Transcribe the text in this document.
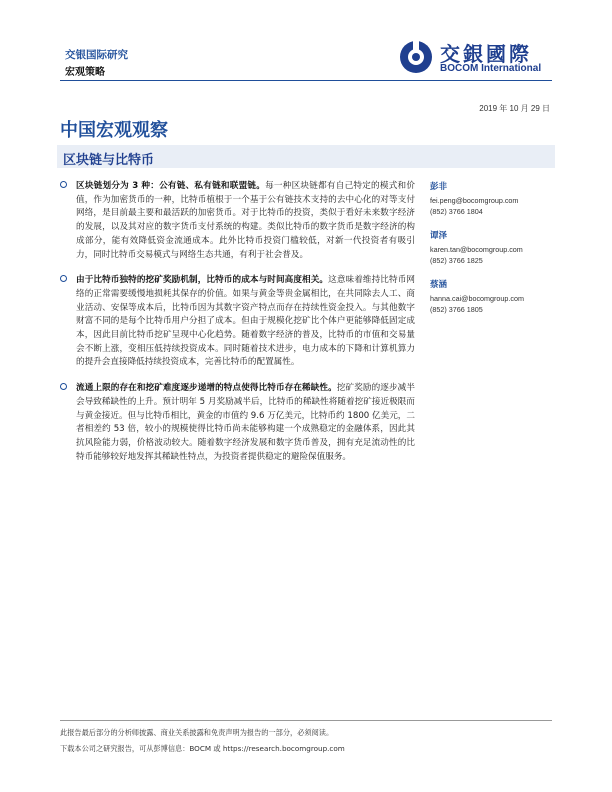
交银国际研究
宏观策略
交銀國際
BOCOM International
2019 年 10 月 29 日
中国宏观观察
区块链与比特币
区块链划分为 3 种：公有链、私有链和联盟链。每一种区块链都有自己特定的模式和价值，作为加密货币的一种，比特币植根于一个基于公有链技术支持的去中心化的对等支付网络，是目前最主要和最活跃的加密货币。对于比特币的投资，类似于看好未来数字经济的发展，以及其对应的数字货币支付系统的构建。类似比特币的数字货币是数字经济的构成部分，能有效降低资金流通成本。此外比特币投资门槛较低，对新一代投资者有吸引力，同时比特币交易模式与网络生态共通，有利于社会普及。
由于比特币独特的挖矿奖励机制，比特币的成本与时间高度相关。这意味着维持比特币网络的正常需要缓慢地损耗其保存的价值。如果与黄金等贵金属相比，在共同除去人工、商业活动、安保等成本后，比特币因为其数字资产特点而存在持续性资金投入。与其他数字财富不同的是每个比特币用户分担了成本。但由于规模化挖矿比个体户更能够降低固定成本，因此目前比特币挖矿呈现中心化趋势。随着数字经济的普及，比特币的市值和交易量会不断上涨，变相压低持续投资成本。同时随着技术进步，电力成本的下降和计算机算力的提升会直接降低持续投资成本，完善比特币的配置属性。
流通上限的存在和挖矿难度逐步递增的特点使得比特币存在稀缺性。挖矿奖励的逐步减半会导致稀缺性的上升。预计明年 5 月奖励减半后，比特币的稀缺性将随着挖矿接近极限而与黄金接近。但与比特币相比，黄金的市值约 9.6 万亿美元，比特币约 1800 亿美元，二者相差约 53 倍，较小的规模使得比特币尚未能够构建一个成熟稳定的金融体系，因此其抗风险能力弱，价格波动较大。随着数字经济发展和数字货币普及，拥有充足流动性的比特币能够较好地发挥其稀缺性特点，为投资者提供稳定的避险保值服务。
彭非
fei.peng@bocomgroup.com
(852) 3766 1804
谭泽
karen.tan@bocomgroup.com
(852) 3766 1825
蔡涵
hanna.cai@bocomgroup.com
(852) 3766 1805
此报告最后部分的分析师披露、商业关系披露和免责声明为报告的一部分，必须阅读。
下载本公司之研究报告，可从彭博信息：BOCM 或 https://research.bocomgroup.com
